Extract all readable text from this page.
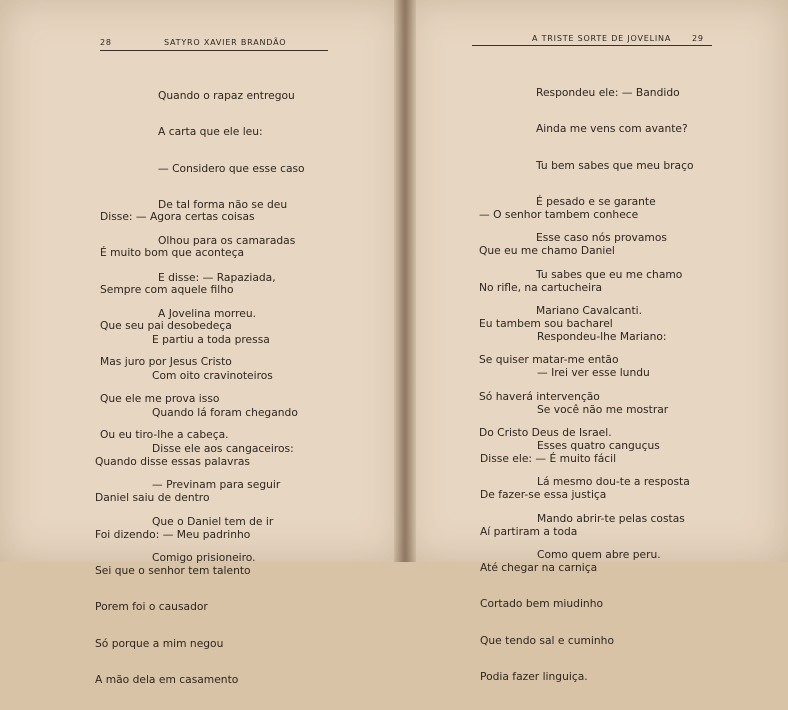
28	SATYRO XAVIER BRANDÃO

Quando o rapaz entregou

A carta que ele leu:

— Considero que esse caso

De tal forma não se deu

Olhou para os camaradas

E disse: — Rapaziada,

A Jovelina morreu.

Disse: — Agora certas coisas

É muito bom que aconteça

Sempre com aquele filho

Que seu pai desobedeça

Mas juro por Jesus Cristo

Que ele me prova isso

Ou eu tiro-lhe a cabeça.

E partiu a toda pressa

Com oito cravinoteiros

Quando lá foram chegando

Disse ele aos cangaceiros:

— Previnam para seguir

Que o Daniel tem de ir

Comigo prisioneiro.

Quando disse essas palavras

Daniel saiu de dentro

Foi dizendo: — Meu padrinho

Sei que o senhor tem talento

Porem foi o causador

Só porque a mim negou

A mão dela em casamento

A TRISTE SORTE DE JOVELINA	29

Respondeu ele: — Bandido

Ainda me vens com avante?

Tu bem sabes que meu braço

É pesado e se garante

Esse caso nós provamos

Tu sabes que eu me chamo

Mariano Cavalcanti.

— O senhor tambem conhece

Que eu me chamo Daniel

No rifle, na cartucheira

Eu tambem sou bacharel

Se quiser matar-me então

Só haverá intervenção

Do Cristo Deus de Israel.

Respondeu-lhe Mariano:

— Irei ver esse lundu

Se você não me mostrar

Esses quatro canguçus

Lá mesmo dou-te a resposta

Mando abrir-te pelas costas

Como quem abre peru.

Disse ele: — É muito fácil

De fazer-se essa justiça

Aí partiram a toda

Até chegar na carniça

Cortado bem miudinho

Que tendo sal e cuminho

Podia fazer linguiça.
